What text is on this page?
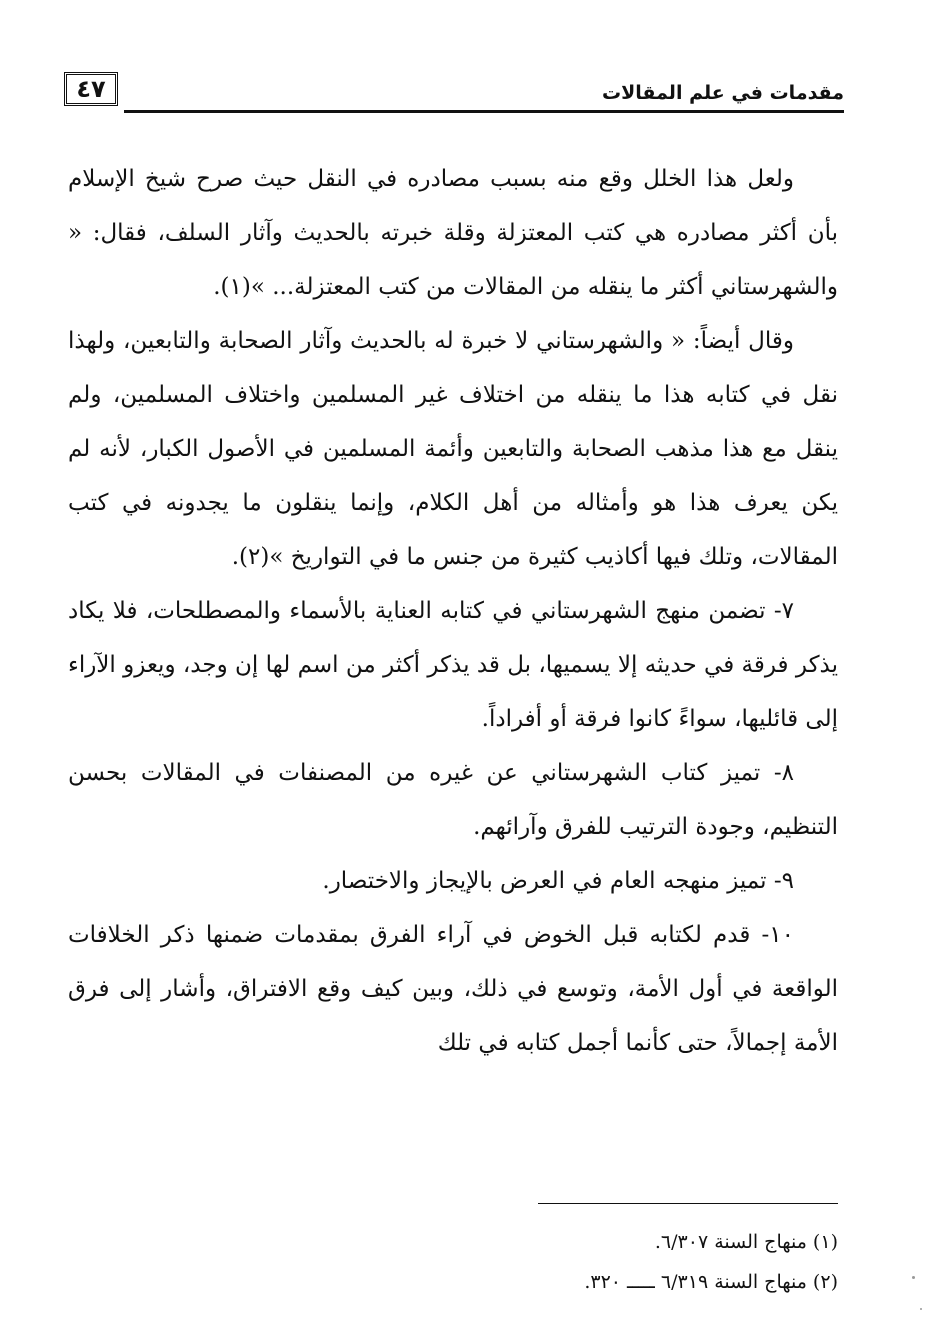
٤٧	مقدمات في علم المقالات

ولعل هذا الخلل وقع منه بسبب مصادره في النقل حيث صرح شيخ الإسلام بأن أكثر مصادره هي كتب المعتزلة وقلة خبرته بالحديث وآثار السلف، فقال: « والشهرستاني أكثر ما ينقله من المقالات من كتب المعتزلة... »(١).

وقال أيضاً: « والشهرستاني لا خبرة له بالحديث وآثار الصحابة والتابعين، ولهذا نقل في كتابه هذا ما ينقله من اختلاف غير المسلمين واختلاف المسلمين، ولم ينقل مع هذا مذهب الصحابة والتابعين وأئمة المسلمين في الأصول الكبار، لأنه لم يكن يعرف هذا هو وأمثاله من أهل الكلام، وإنما ينقلون ما يجدونه في كتب المقالات، وتلك فيها أكاذيب كثيرة من جنس ما في التواريخ »(٢).

٧- تضمن منهج الشهرستاني في كتابه العناية بالأسماء والمصطلحات، فلا يكاد يذكر فرقة في حديثه إلا يسميها، بل قد يذكر أكثر من اسم لها إن وجد، ويعزو الآراء إلى قائليها، سواءً كانوا فرقة أو أفراداً.

٨- تميز كتاب الشهرستاني عن غيره من المصنفات في المقالات بحسن التنظيم، وجودة الترتيب للفرق وآرائهم.

٩- تميز منهجه العام في العرض بالإيجاز والاختصار.

١٠- قدم لكتابه قبل الخوض في آراء الفرق بمقدمات ضمنها ذكر الخلافات الواقعة في أول الأمة، وتوسع في ذلك، وبين كيف وقع الافتراق، وأشار إلى فرق الأمة إجمالاً، حتى كأنما أجمل كتابه في تلك

(١) منهاج السنة ٦/٣٠٧.

(٢) منهاج السنة ٦/٣١٩ ـــــ ٣٢٠.
